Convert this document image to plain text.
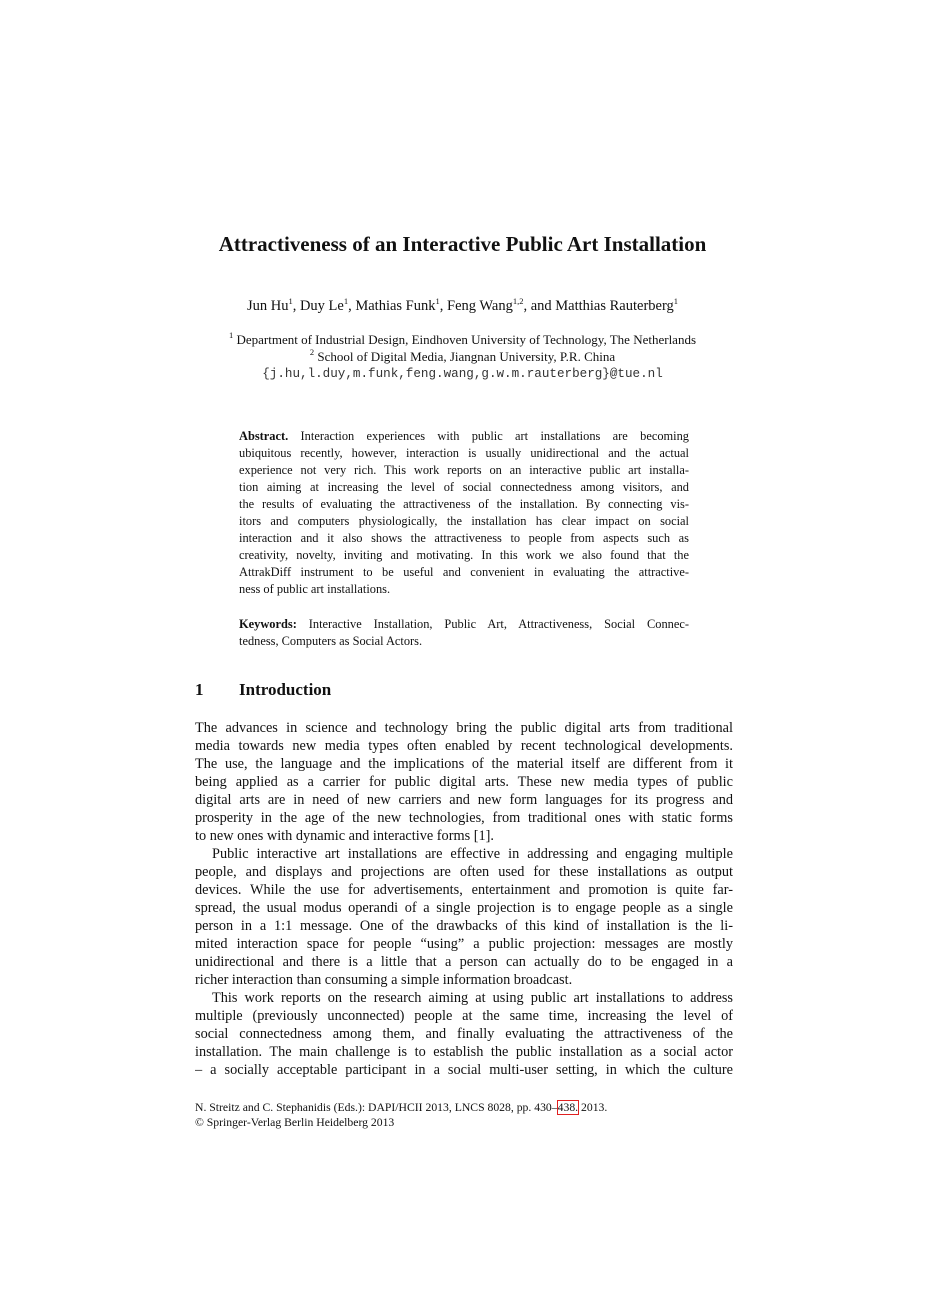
Attractiveness of an Interactive Public Art Installation
Jun Hu$^1$, Duy Le$^1$, Mathias Funk$^1$, Feng Wang$^{1,2}$, and Matthias Rauterberg$^1$
$^1$ Department of Industrial Design, Eindhoven University of Technology, The Netherlands
$^2$ School of Digital Media, Jiangnan University, P.R. China
{j.hu,l.duy,m.funk,feng.wang,g.w.m.rauterberg}@tue.nl
Abstract. Interaction experiences with public art installations are becoming
ubiquitous recently, however, interaction is usually unidirectional and the actual
experience not very rich. This work reports on an interactive public art installa-
tion aiming at increasing the level of social connectedness among visitors, and
the results of evaluating the attractiveness of the installation. By connecting vis-
itors and computers physiologically, the installation has clear impact on social
interaction and it also shows the attractiveness to people from aspects such as
creativity, novelty, inviting and motivating. In this work we also found that the
AttrakDiff instrument to be useful and convenient in evaluating the attractive-
ness of public art installations.
Keywords: Interactive Installation, Public Art, Attractiveness, Social Connec-
tedness, Computers as Social Actors.
1 Introduction
The advances in science and technology bring the public digital arts from traditional
media towards new media types often enabled by recent technological developments.
The use, the language and the implications of the material itself are different from it
being applied as a carrier for public digital arts. These new media types of public
digital arts are in need of new carriers and new form languages for its progress and
prosperity in the age of the new technologies, from traditional ones with static forms
to new ones with dynamic and interactive forms [1].
Public interactive art installations are effective in addressing and engaging multiple
people, and displays and projections are often used for these installations as output
devices. While the use for advertisements, entertainment and promotion is quite far-
spread, the usual modus operandi of a single projection is to engage people as a single
person in a 1:1 message. One of the drawbacks of this kind of installation is the li-
mited interaction space for people “using” a public projection: messages are mostly
unidirectional and there is a little that a person can actually do to be engaged in a
richer interaction than consuming a simple information broadcast.
This work reports on the research aiming at using public art installations to address
multiple (previously unconnected) people at the same time, increasing the level of
social connectedness among them, and finally evaluating the attractiveness of the
installation. The main challenge is to establish the public installation as a social actor
– a socially acceptable participant in a social multi-user setting, in which the culture
N. Streitz and C. Stephanidis (Eds.): DAPI/HCII 2013, LNCS 8028, pp. 430–438. 2013.
© Springer-Verlag Berlin Heidelberg 2013
